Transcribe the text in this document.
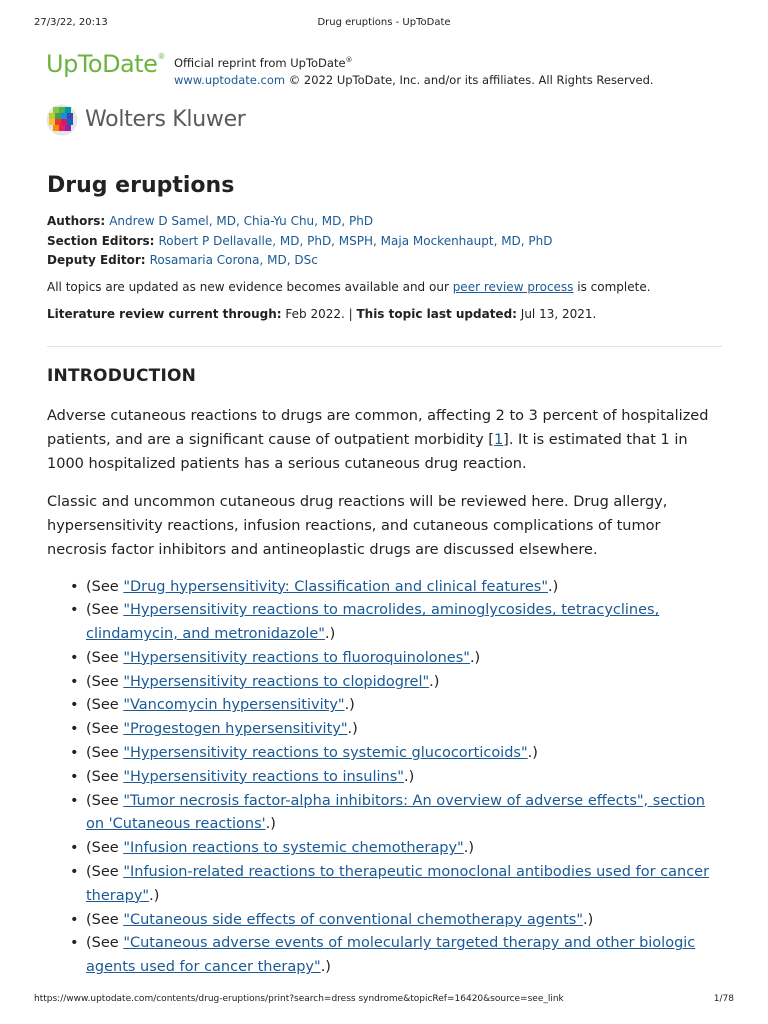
27/3/22, 20:13	Drug eruptions - UpToDate
UpToDate® Official reprint from UpToDate®
www.uptodate.com © 2022 UpToDate, Inc. and/or its affiliates. All Rights Reserved.
Wolters Kluwer
Drug eruptions
Authors: Andrew D Samel, MD, Chia-Yu Chu, MD, PhD
Section Editors: Robert P Dellavalle, MD, PhD, MSPH, Maja Mockenhaupt, MD, PhD
Deputy Editor: Rosamaria Corona, MD, DSc
All topics are updated as new evidence becomes available and our peer review process is complete.
Literature review current through: Feb 2022. | This topic last updated: Jul 13, 2021.
INTRODUCTION

Adverse cutaneous reactions to drugs are common, affecting 2 to 3 percent of hospitalized patients, and are a significant cause of outpatient morbidity [1]. It is estimated that 1 in 1000 hospitalized patients has a serious cutaneous drug reaction.

Classic and uncommon cutaneous drug reactions will be reviewed here. Drug allergy, hypersensitivity reactions, infusion reactions, and cutaneous complications of tumor necrosis factor inhibitors and antineoplastic drugs are discussed elsewhere.

• (See "Drug hypersensitivity: Classification and clinical features".)
• (See "Hypersensitivity reactions to macrolides, aminoglycosides, tetracyclines, clindamycin, and metronidazole".)
• (See "Hypersensitivity reactions to fluoroquinolones".)
• (See "Hypersensitivity reactions to clopidogrel".)
• (See "Vancomycin hypersensitivity".)
• (See "Progestogen hypersensitivity".)
• (See "Hypersensitivity reactions to systemic glucocorticoids".)
• (See "Hypersensitivity reactions to insulins".)
• (See "Tumor necrosis factor-alpha inhibitors: An overview of adverse effects", section on 'Cutaneous reactions'.)
• (See "Infusion reactions to systemic chemotherapy".)
• (See "Infusion-related reactions to therapeutic monoclonal antibodies used for cancer therapy".)
• (See "Cutaneous side effects of conventional chemotherapy agents".)
• (See "Cutaneous adverse events of molecularly targeted therapy and other biologic agents used for cancer therapy".)
https://www.uptodate.com/contents/drug-eruptions/print?search=dress syndrome&topicRef=16420&source=see_link	1/78
